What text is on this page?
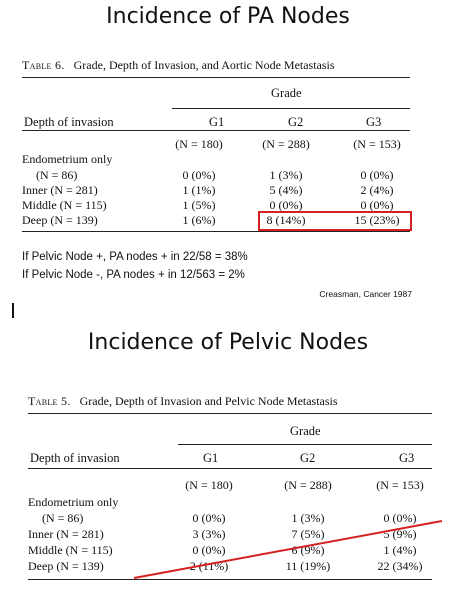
Incidence of PA Nodes
Table 6. Grade, Depth of Invasion, and Aortic Node Metastasis
Grade
Depth of invasion	G1	G2	G3
(N = 180)	(N = 288)	(N = 153)
Endometrium only
(N = 86)	0 (0%)	1 (3%)	0 (0%)
Inner (N = 281)	1 (1%)	5 (4%)	2 (4%)
Middle (N = 115)	1 (5%)	0 (0%)	0 (0%)
Deep (N = 139)	1 (6%)	8 (14%)	15 (23%)
If Pelvic Node +, PA nodes + in 22/58 = 38%
If Pelvic Node -, PA nodes + in 12/563 = 2%
Creasman, Cancer 1987
Incidence of Pelvic Nodes
Table 5. Grade, Depth of Invasion and Pelvic Node Metastasis
Grade
Depth of invasion	G1	G2	G3
(N = 180)	(N = 288)	(N = 153)
Endometrium only
(N = 86)	0 (0%)	1 (3%)	0 (0%)
Inner (N = 281)	3 (3%)	7 (5%)	5 (9%)
Middle (N = 115)	0 (0%)	6 (9%)	1 (4%)
Deep (N = 139)	2 (11%)	11 (19%)	22 (34%)
